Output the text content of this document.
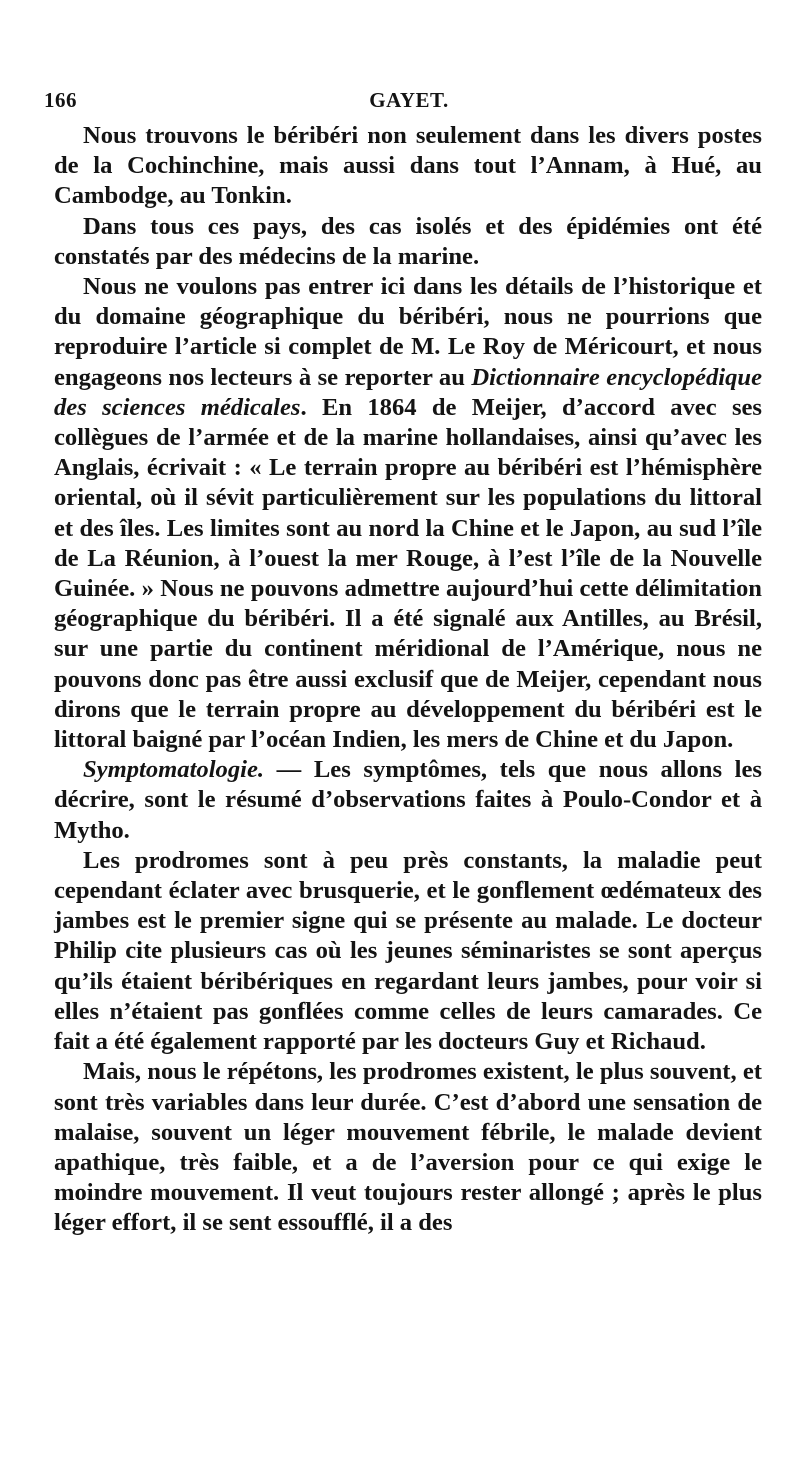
166	GAYET.

Nous trouvons le béribéri non seulement dans les divers postes de la Cochinchine, mais aussi dans tout l’Annam, à Hué, au Cambodge, au Tonkin.

Dans tous ces pays, des cas isolés et des épidémies ont été constatés par des médecins de la marine.

Nous ne voulons pas entrer ici dans les détails de l’historique et du domaine géographique du béribéri, nous ne pourrions que reproduire l’article si complet de M. Le Roy de Méricourt, et nous engageons nos lecteurs à se reporter au Dictionnaire encyclopédique des sciences médicales. En 1864 de Meijer, d’accord avec ses collègues de l’armée et de la marine hollandaises, ainsi qu’avec les Anglais, écrivait : « Le terrain propre au béribéri est l’hémisphère oriental, où il sévit particulièrement sur les populations du littoral et des îles. Les limites sont au nord la Chine et le Japon, au sud l’île de La Réunion, à l’ouest la mer Rouge, à l’est l’île de la Nouvelle Guinée. » Nous ne pouvons admettre aujourd’hui cette délimitation géographique du béribéri. Il a été signalé aux Antilles, au Brésil, sur une partie du continent méridional de l’Amérique, nous ne pouvons donc pas être aussi exclusif que de Meijer, cependant nous dirons que le terrain propre au développement du béribéri est le littoral baigné par l’océan Indien, les mers de Chine et du Japon.

Symptomatologie. — Les symptômes, tels que nous allons les décrire, sont le résumé d’observations faites à Poulo-Condor et à Mytho.

Les prodromes sont à peu près constants, la maladie peut cependant éclater avec brusquerie, et le gonflement œdémateux des jambes est le premier signe qui se présente au malade. Le docteur Philip cite plusieurs cas où les jeunes séminaristes se sont aperçus qu’ils étaient béribériques en regardant leurs jambes, pour voir si elles n’étaient pas gonflées comme celles de leurs camarades. Ce fait a été également rapporté par les docteurs Guy et Richaud.

Mais, nous le répétons, les prodromes existent, le plus souvent, et sont très variables dans leur durée. C’est d’abord une sensation de malaise, souvent un léger mouvement fébrile, le malade devient apathique, très faible, et a de l’aversion pour ce qui exige le moindre mouvement. Il veut toujours rester allongé ; après le plus léger effort, il se sent essoufflé, il a des
